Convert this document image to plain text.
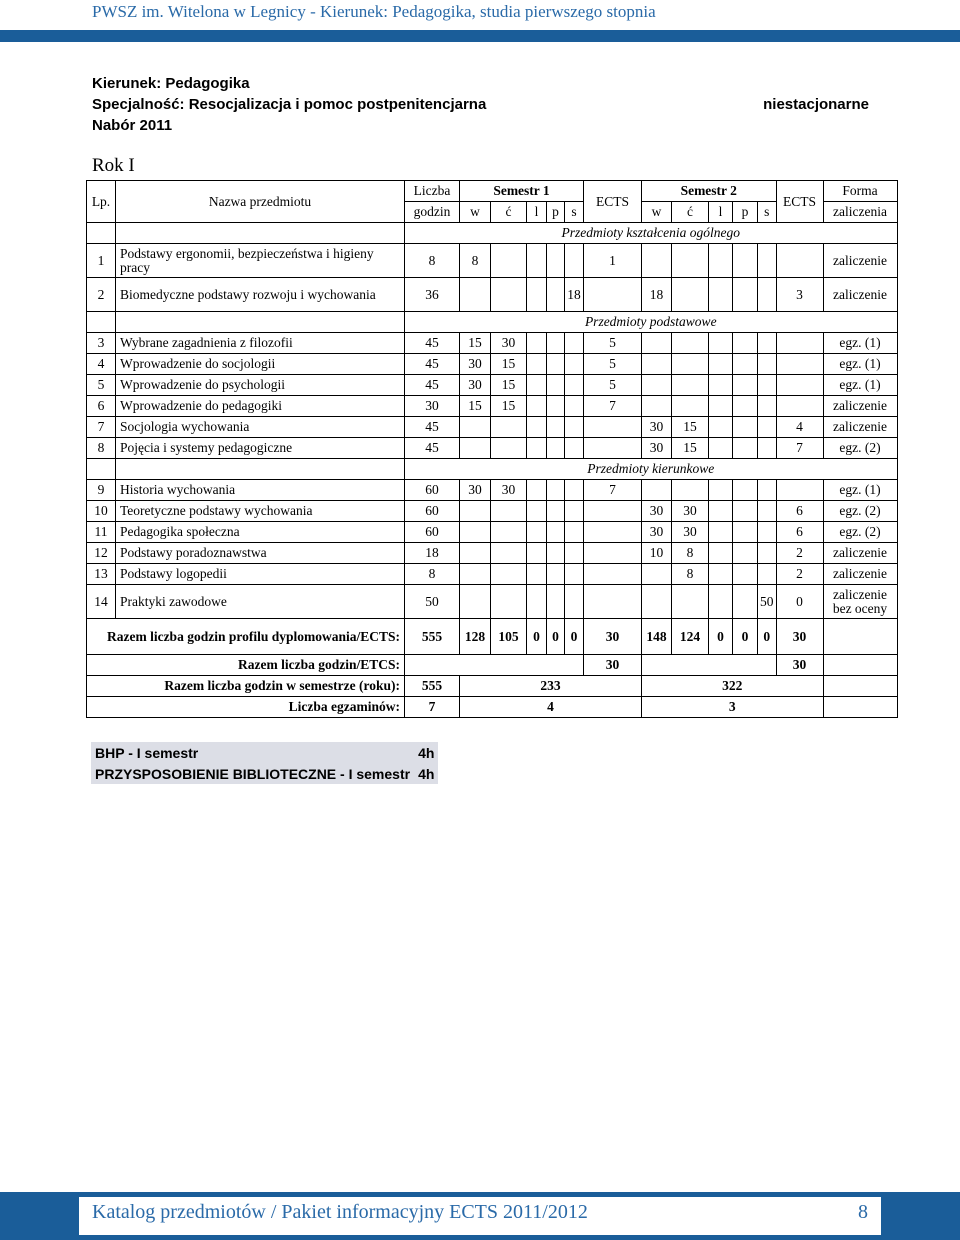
PWSZ im. Witelona w Legnicy - Kierunek: Pedagogika, studia pierwszego stopnia
Kierunek: Pedagogika
Specjalność: Resocjalizacja i pomoc postpenitencjarna
Nabór 2011
niestacjonarne
Rok I
Lp.	Nazwa przedmiotu	Liczba	Semestr 1					ECTS	Semestr 2					ECTS	Forma
		godzin	w	ć	l	p	s		w	ć	l	p	s		zaliczenia
		Przedmioty kształcenia ogólnego													
1	Podstawy ergonomii, bezpieczeństwa i higieny pracy	8	8					1							zaliczenie
2	Biomedyczne podstawy rozwoju i wychowania	36					18		18					3	zaliczenie
		Przedmioty podstawowe													
3	Wybrane zagadnienia z filozofii	45	15	30				5							egz. (1)
4	Wprowadzenie do socjologii	45	30	15				5							egz. (1)
5	Wprowadzenie do psychologii	45	30	15				5							egz. (1)
6	Wprowadzenie do pedagogiki	30	15	15				7							zaliczenie
7	Socjologia wychowania	45							30	15				4	zaliczenie
8	Pojęcia i systemy pedagogiczne	45							30	15				7	egz. (2)
		Przedmioty kierunkowe													
9	Historia wychowania	60	30	30				7							egz. (1)
10	Teoretyczne podstawy wychowania	60							30	30				6	egz. (2)
11	Pedagogika społeczna	60							30	30				6	egz. (2)
12	Podstawy poradoznawstwa	18							10	8				2	zaliczenie
13	Podstawy logopedii	8								8				2	zaliczenie
14	Praktyki zawodowe	50											50	0	zaliczenie bez oceny
Razem liczba godzin profilu dyplomowania/ECTS:		555	128	105	0	0	0	30	148	124	0	0	0	30	
Razem liczba godzin/ETCS:								30						30	
Razem liczba godzin w semestrze (roku):		555	233						322						
Liczba egzaminów:		7	4						3						
BHP - I semestr	4h
PRZYSPOSOBIENIE BIBLIOTECZNE - I semestr	4h
Katalog przedmiotów / Pakiet informacyjny ECTS 2011/2012	8
